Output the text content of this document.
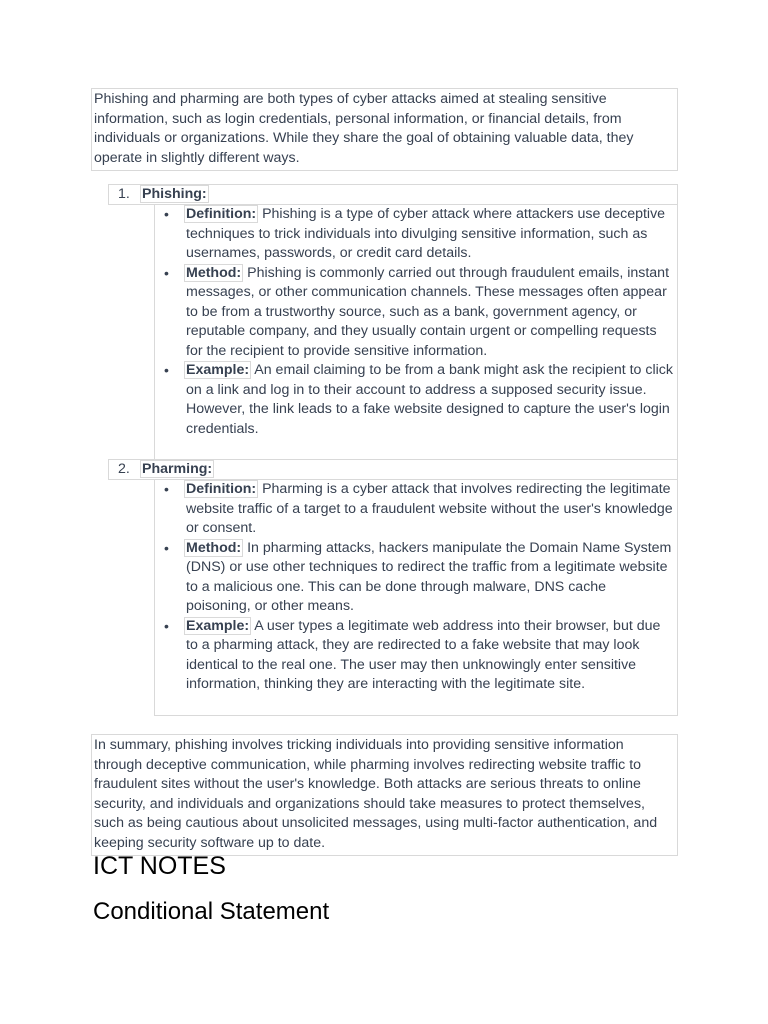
Phishing and pharming are both types of cyber attacks aimed at stealing sensitive information, such as login credentials, personal information, or financial details, from individuals or organizations. While they share the goal of obtaining valuable data, they operate in slightly different ways.
1. Phishing:
• Definition: Phishing is a type of cyber attack where attackers use deceptive techniques to trick individuals into divulging sensitive information, such as usernames, passwords, or credit card details.
• Method: Phishing is commonly carried out through fraudulent emails, instant messages, or other communication channels. These messages often appear to be from a trustworthy source, such as a bank, government agency, or reputable company, and they usually contain urgent or compelling requests for the recipient to provide sensitive information.
• Example: An email claiming to be from a bank might ask the recipient to click on a link and log in to their account to address a supposed security issue. However, the link leads to a fake website designed to capture the user's login credentials.
2. Pharming:
• Definition: Pharming is a cyber attack that involves redirecting the legitimate website traffic of a target to a fraudulent website without the user's knowledge or consent.
• Method: In pharming attacks, hackers manipulate the Domain Name System (DNS) or use other techniques to redirect the traffic from a legitimate website to a malicious one. This can be done through malware, DNS cache poisoning, or other means.
• Example: A user types a legitimate web address into their browser, but due to a pharming attack, they are redirected to a fake website that may look identical to the real one. The user may then unknowingly enter sensitive information, thinking they are interacting with the legitimate site.
In summary, phishing involves tricking individuals into providing sensitive information through deceptive communication, while pharming involves redirecting website traffic to fraudulent sites without the user's knowledge. Both attacks are serious threats to online security, and individuals and organizations should take measures to protect themselves, such as being cautious about unsolicited messages, using multi-factor authentication, and keeping security software up to date.
ICT NOTES
Conditional Statement
